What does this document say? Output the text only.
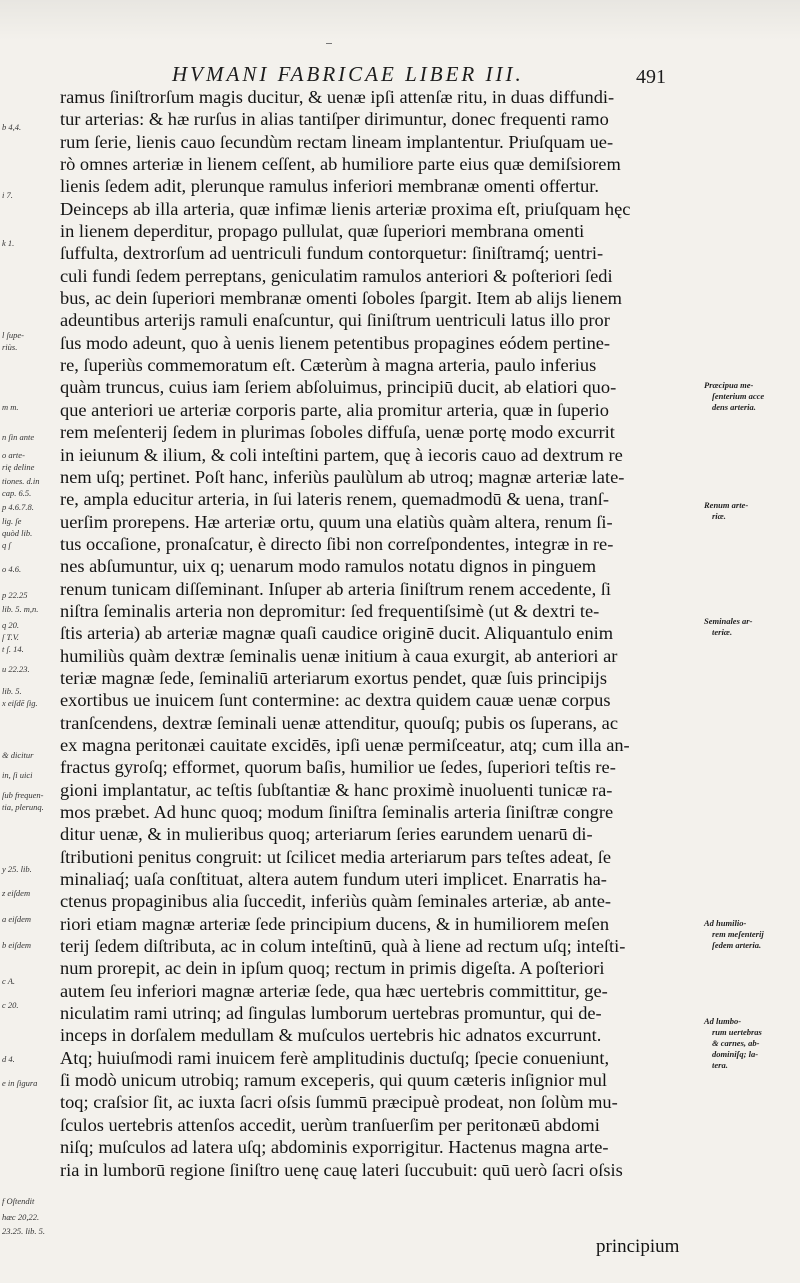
HVMANI FABRICAE LIBER III.	491
ramus ſiniſtrorſum magis ducitur, & uenæ ipſi attenſæ ritu, in duas diffundi-
tur arterias: & hæ rurſus in alias tantiſper dirimuntur, donec frequenti ramo
rum ſerie, lienis cauo ſecundùm rectam lineam implantentur. Priuſquam ue-
rò omnes arteriæ in lienem ceſſent, ab humiliore parte eius quæ demiſsiorem
lienis ſedem adit, plerunque ramulus inferiori membranæ omenti offertur.
Deinceps ab illa arteria, quæ infimæ lienis arteriæ proxima eſt, priuſquam hęc
in lienem deperditur, propago pullulat, quæ ſuperiori membrana omenti
ſuffulta, dextrorſum ad uentriculi fundum contorquetur: ſiniſtramq́; uentri-
culi fundi ſedem perreptans, geniculatim ramulos anteriori & poſteriori ſedi
bus, ac dein ſuperiori membranæ omenti ſoboles ſpargit. Item ab alijs lienem
adeuntibus arterijs ramuli enaſcuntur, qui ſiniſtrum uentriculi latus illo pror
ſus modo adeunt, quo à uenis lienem petentibus propagines eódem pertine-
re, ſuperiùs commemoratum eſt. Cæterùm à magna arteria, paulo inferius
quàm truncus, cuius iam ſeriem abſoluimus, principiū ducit, ab elatiori quo-
que anteriori ue arteriæ corporis parte, alia promitur arteria, quæ in ſuperio
rem meſenterij ſedem in plurimas ſoboles diffuſa, uenæ portę modo excurrit
in ieiunum & ilium, & coli inteſtini partem, quę à iecoris cauo ad dextrum re
nem uſq; pertinet. Poſt hanc, inferiùs paulùlum ab utroq; magnæ arteriæ late-
re, ampla educitur arteria, in ſui lateris renem, quemadmodū & uena, tranſ-
uerſim prorepens. Hæ arteriæ ortu, quum una elatiùs quàm altera, renum ſi-
tus occaſione, pronaſcatur, è directo ſibi non correſpondentes, integræ in re-
nes abſumuntur, uix q; uenarum modo ramulos notatu dignos in pinguem
renum tunicam diſſeminant. Inſuper ab arteria ſiniſtrum renem accedente, ſi
niſtra ſeminalis arteria non depromitur: ſed frequentiſsimè (ut & dextri te-
ſtis arteria) ab arteriæ magnæ quaſi caudice originē ducit. Aliquantulo enim
humiliùs quàm dextræ ſeminalis uenæ initium à caua exurgit, ab anteriori ar
teriæ magnæ ſede, ſeminaliū arteriarum exortus pendet, quæ ſuis principijs
exortibus ue inuicem ſunt contermine: ac dextra quidem cauæ uenæ corpus
tranſcendens, dextræ ſeminali uenæ attenditur, quouſq; pubis os ſuperans, ac
ex magna peritonæi cauitate excidēs, ipſi uenæ permiſceatur, atq; cum illa an-
fractus gyroſq; efformet, quorum baſis, humilior ue ſedes, ſuperiori teſtis re-
gioni implantatur, ac teſtis ſubſtantiæ & hanc proximè inuoluenti tunicæ ra-
mos præbet. Ad hunc quoq; modum ſiniſtra ſeminalis arteria ſiniſtræ congre
ditur uenæ, & in mulieribus quoq; arteriarum ſeries earundem uenarū di-
ſtributioni penitus congruit: ut ſcilicet media arteriarum pars teſtes adeat, ſe
minaliaq́; uaſa conſtituat, altera autem fundum uteri implicet. Enarratis ha-
ctenus propaginibus alia ſuccedit, inferiùs quàm ſeminales arteriæ, ab ante-
riori etiam magnæ arteriæ ſede principium ducens, & in humiliorem meſen
terij ſedem diſtributa, ac in colum inteſtinū, quà à liene ad rectum uſq; inteſti-
num prorepit, ac dein in ipſum quoq; rectum in primis digeſta. A poſteriori
autem ſeu inferiori magnæ arteriæ ſede, qua hæc uertebris committitur, ge-
niculatim rami utrinq; ad ſingulas lumborum uertebras promuntur, qui de-
inceps in dorſalem medullam & muſculos uertebris hic adnatos excurrunt.
Atq; huiuſmodi rami inuicem ferè amplitudinis ductuſq; ſpecie conueniunt,
ſi modò unicum utrobiq; ramum exceperis, qui quum cæteris inſignior mul
toq; craſsior ſit, ac iuxta ſacri oſsis ſummū præcipuè prodeat, non ſolùm mu-
ſculos uertebris attenſos accedit, uerùm tranſuerſim per peritonæū abdomi
niſq; muſculos ad latera uſq; abdominis exporrigitur. Hactenus magna arte-
ria in lumborū regione ſiniſtro uenę cauę lateri ſuccubuit: quū uerò ſacri oſsis
b 4,4.
i 7.
k 1.
l ſupe-
riùs.
m m.
n ſin ante
o arte-
rię deline
tiones. d.in
cap. 6.5.
p 4.6.7.8.
lig. ſe
quòd lib.
q ſ
o 4.6.
p 22.25
lib. 5. m,n.
q 20.
ſ T.V.
t ſ. 14.
u 22.23.
lib. 5.
x eiſdē ſig.
& dicitur
in, ſi uici
ſub frequen-
tia, plerunq.
y 25. lib.
z eiſdem
a eiſdem
b eiſdem
c A.
c 20.
d 4.
e in ſigura
f Oſtendit
hæc 20,22.
23.25. lib. 5.
Præcipua me-
ſenterium acce
dens arteria.
Renum arte-
riæ.
Seminales ar-
teriæ.
Ad humilio-
rem meſenterij
ſedem arteria.
Ad lumbo-
rum uertebras
& carnes, ab-
dominiſq; la-
tera.
principium
